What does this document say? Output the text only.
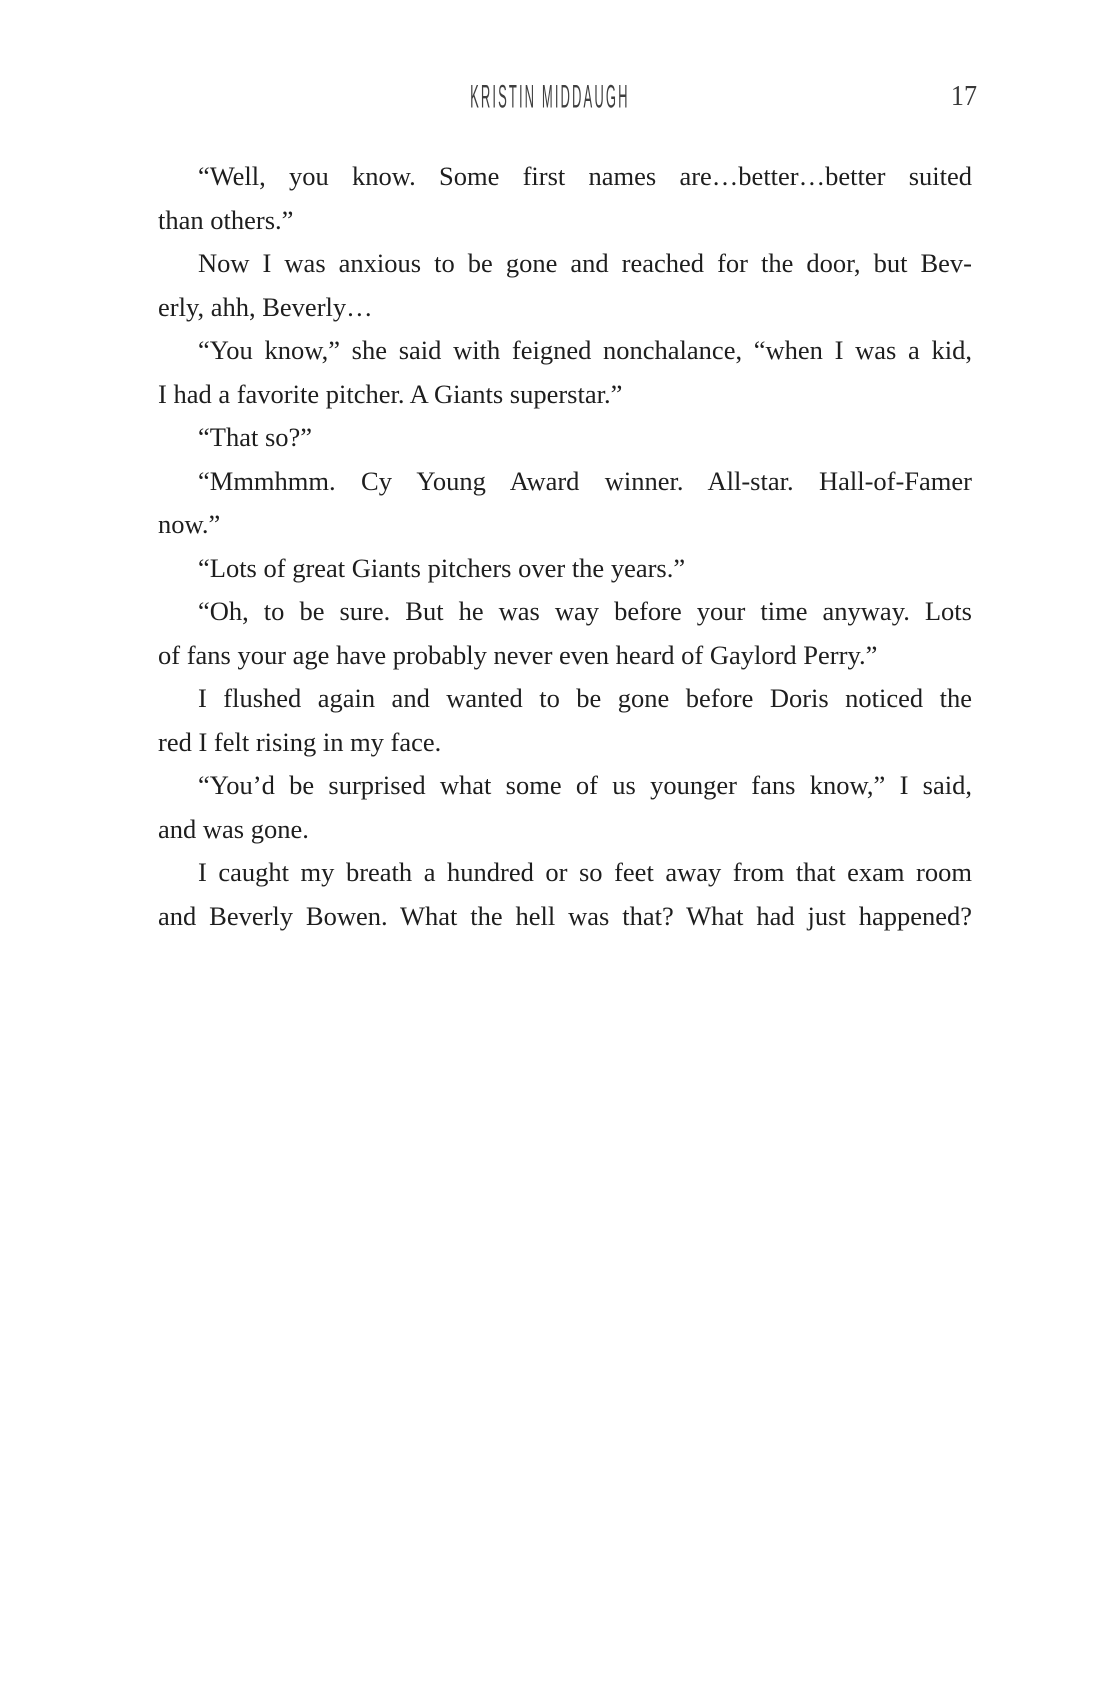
KRISTIN MIDDAUGH	17
“Well, you know. Some first names are…better…better suited
than others.”
Now I was anxious to be gone and reached for the door, but Bev-
erly, ahh, Beverly…
“You know,” she said with feigned nonchalance, “when I was a kid,
I had a favorite pitcher. A Giants superstar.”
“That so?”
“Mmmhmm. Cy Young Award winner. All-star. Hall-of-Famer
now.”
“Lots of great Giants pitchers over the years.”
“Oh, to be sure. But he was way before your time anyway. Lots
of fans your age have probably never even heard of Gaylord Perry.”
I flushed again and wanted to be gone before Doris noticed the
red I felt rising in my face.
“You’d be surprised what some of us younger fans know,” I said,
and was gone.
I caught my breath a hundred or so feet away from that exam room
and Beverly Bowen. What the hell was that? What had just happened?
